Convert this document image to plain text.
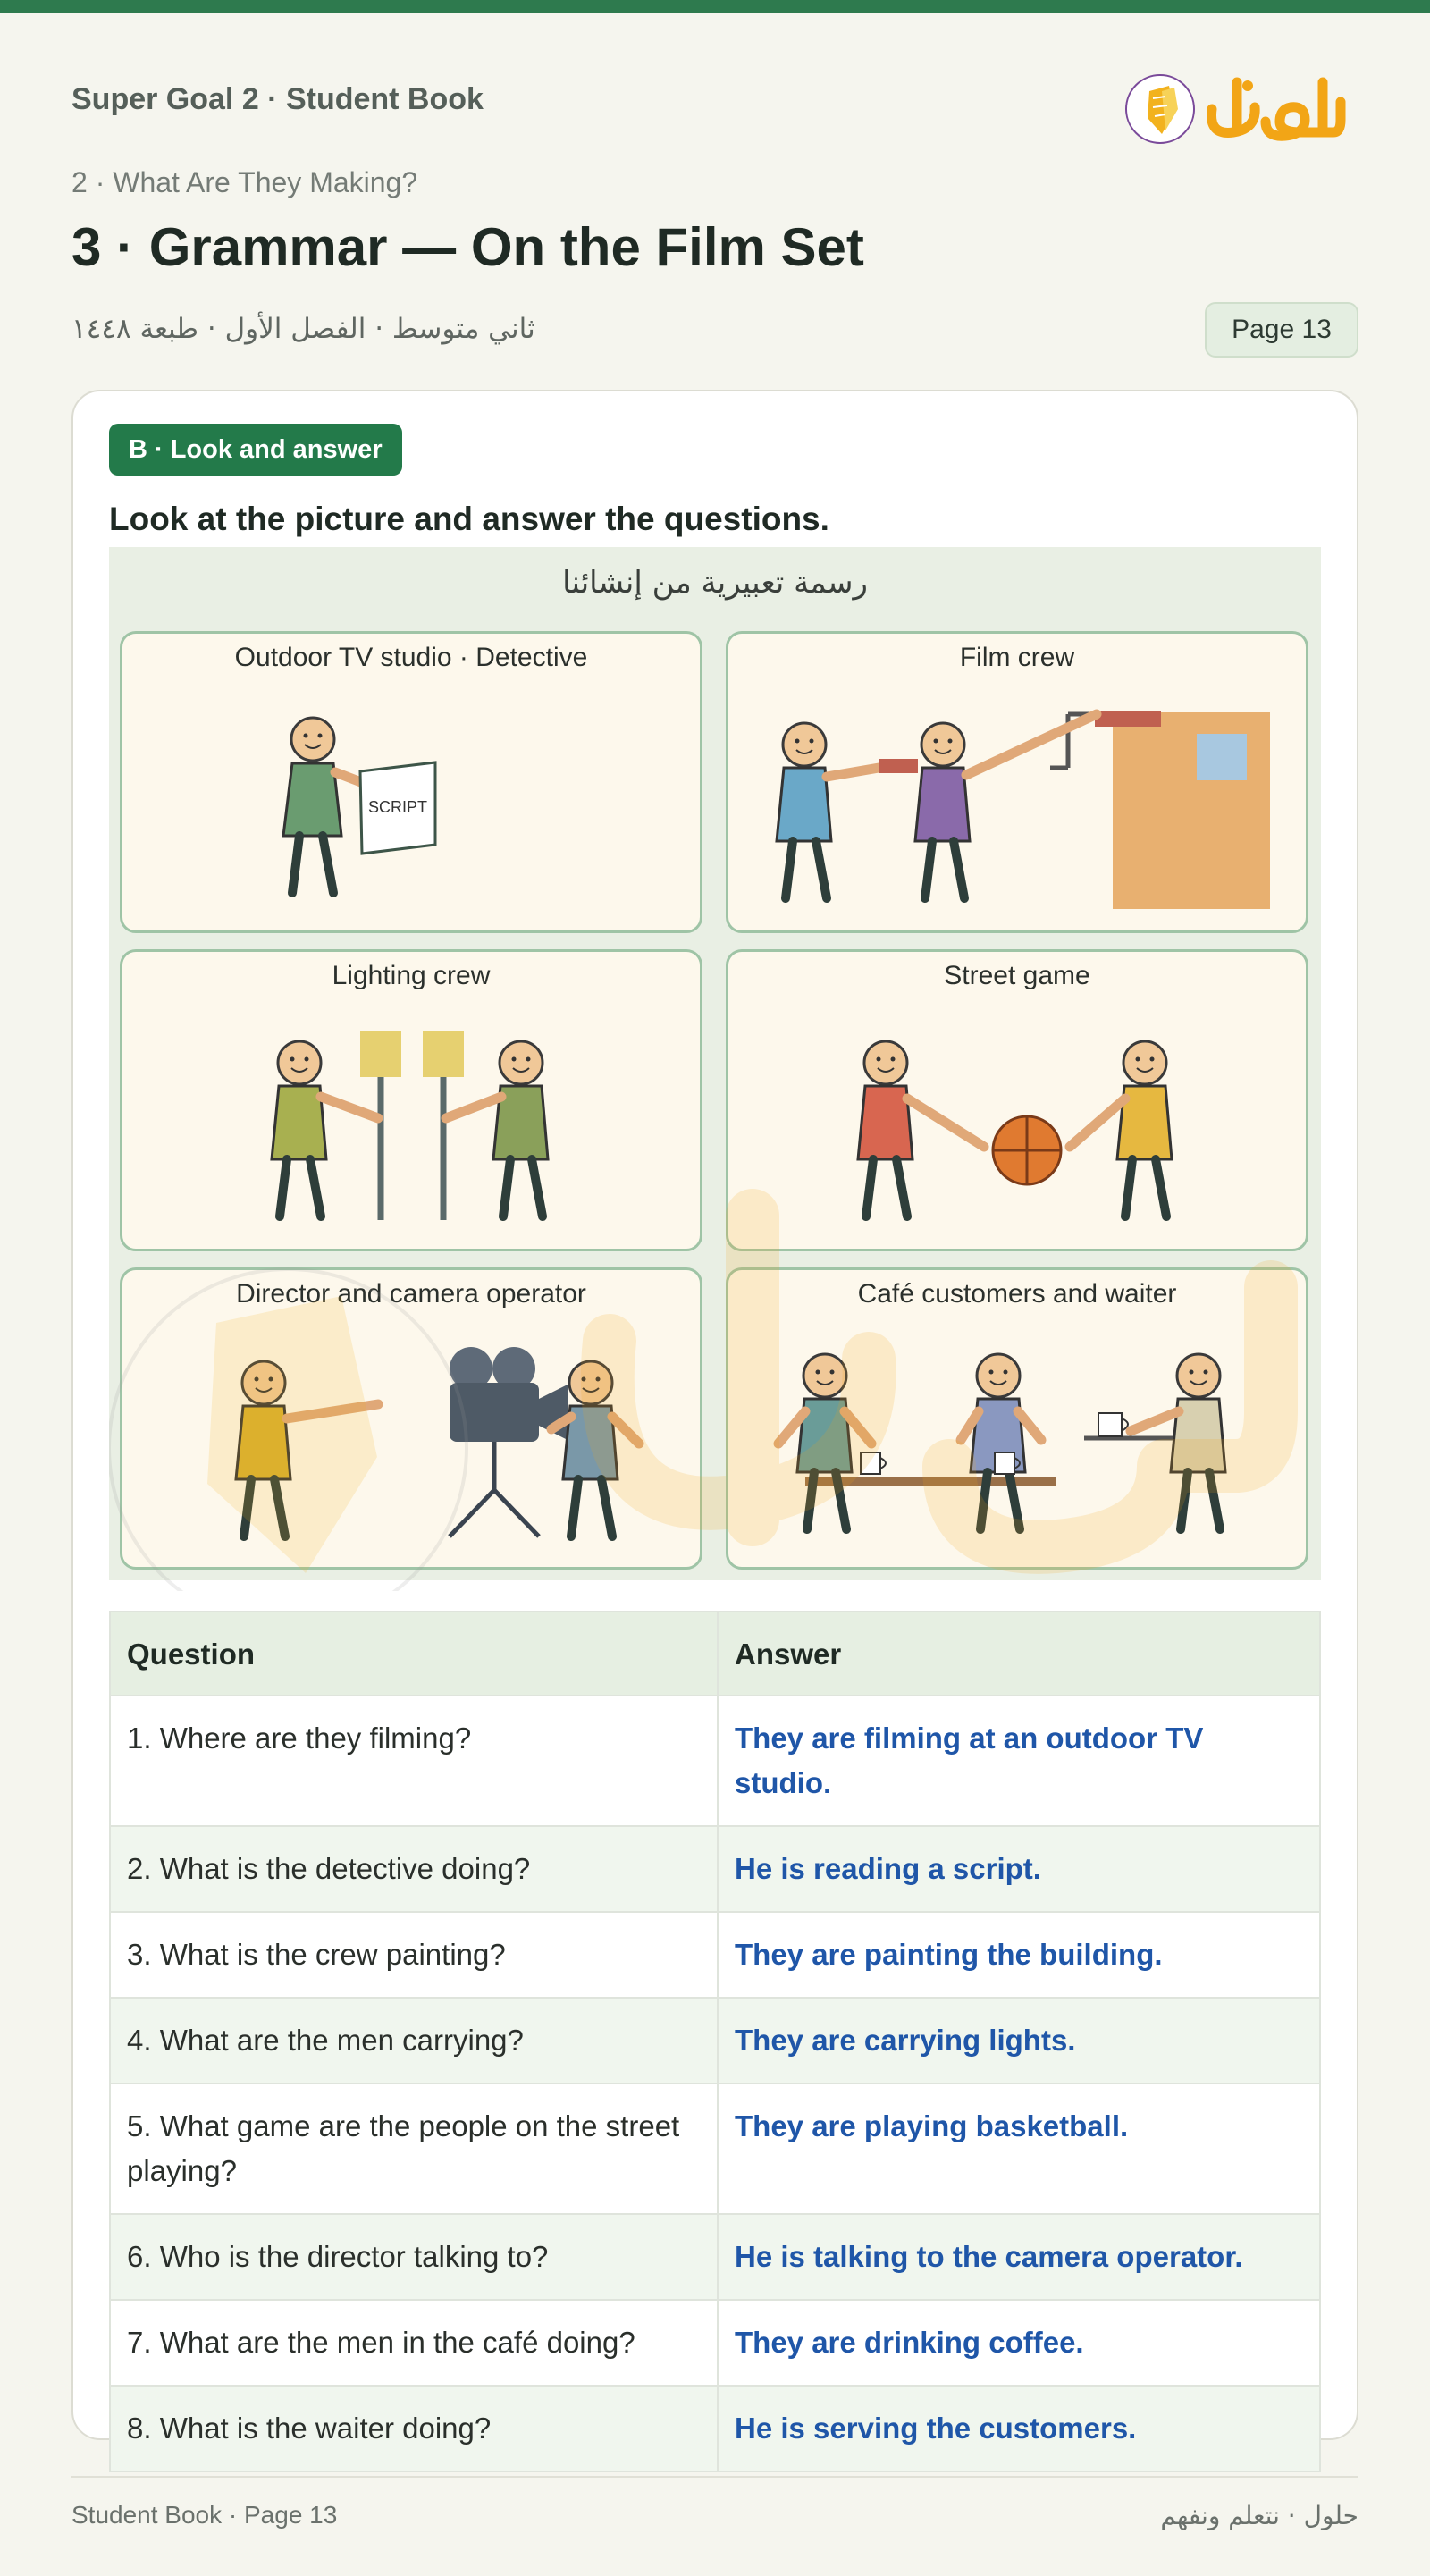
Super Goal 2 · Student Book
2 · What Are They Making?
3 · Grammar — On the Film Set
ثاني متوسط · الفصل الأول · طبعة ١٤٤٨	Page 13
B · Look and answer
Look at the picture and answer the questions.
رسمة تعبيرية من إنشائنا
Outdoor TV studio · Detective
SCRIPT
Film crew
Lighting crew	Street game
Director and camera operator	Café customers and waiter
Question	Answer
1. Where are they filming?	They are filming at an outdoor TV studio.
2. What is the detective doing?	He is reading a script.
3. What is the crew painting?	They are painting the building.
4. What are the men carrying?	They are carrying lights.
5. What game are the people on the street playing?	They are playing basketball.
6. Who is the director talking to?	He is talking to the camera operator.
7. What are the men in the café doing?	They are drinking coffee.
8. What is the waiter doing?	He is serving the customers.
Student Book · Page 13	حلول · نتعلم ونفهم
